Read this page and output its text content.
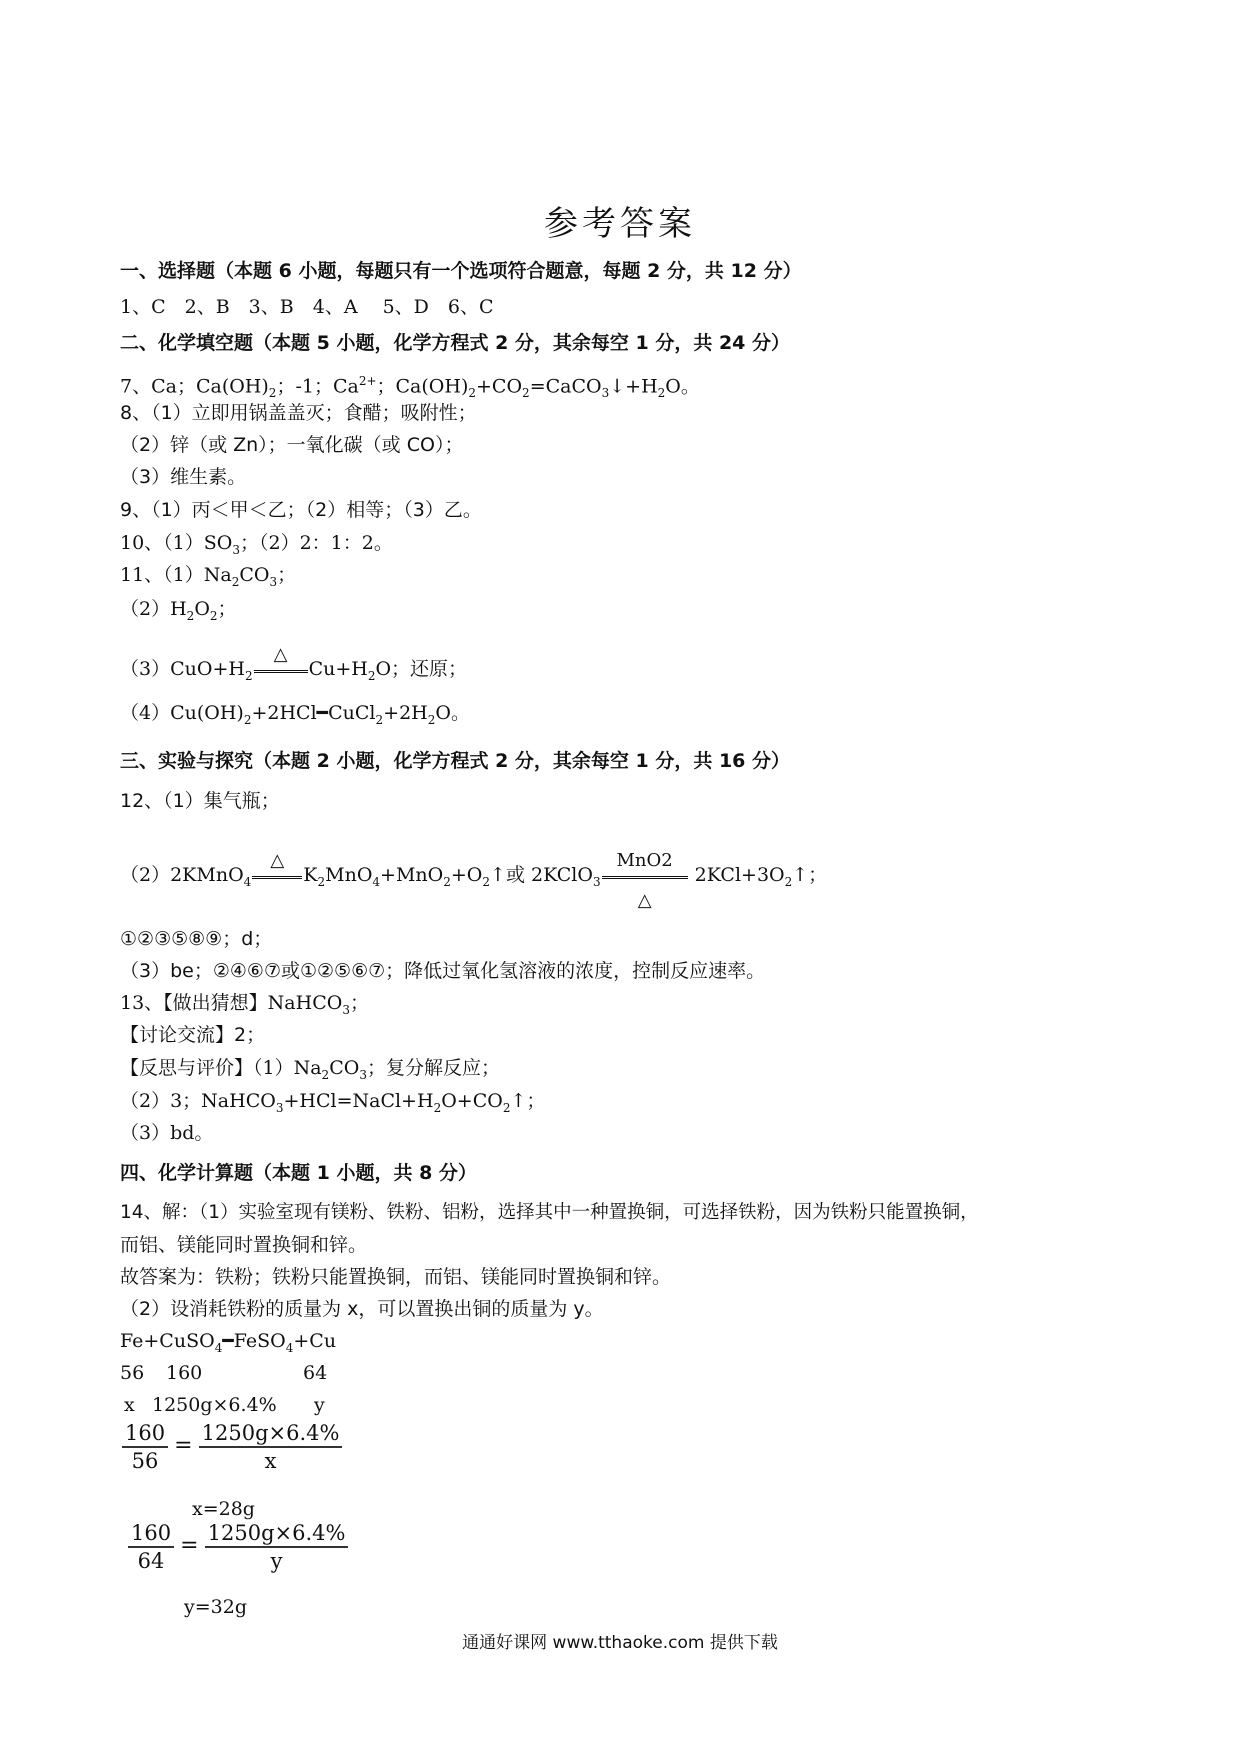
参考答案
一、选择题（本题 6 小题，每题只有一个选项符合题意，每题 2 分，共 12 分）
1、C　2、B　3、B　4、A　 5、D　6、C
二、化学填空题（本题 5 小题，化学方程式 2 分，其余每空 1 分，共 24 分）
7、Ca；$Ca(OH)_2$；-1；$Ca^{2+}$；$Ca(OH)_2+CO_2=CaCO_3↓+H_2O$。
8、（1）立即用锅盖盖灭；食醋；吸附性；
（2）锌（或 Zn）；一氧化碳（或 CO）；
（3）维生素。
9、（1）丙＜甲＜乙；（2）相等；（3）乙。
10、$(1)SO_3$；（2）2：1：2。
11、$(1)Na_2CO_3$；
$(2)H_2O_2$；
$(3)CuO+H_2$
△
$Cu+H_2O$；还原；
$(4)Cu(OH)_2+2HCl━CuCl_2+2H_2O$。
三、实验与探究（本题 2 小题，化学方程式 2 分，其余每空 1 分，共 16 分）
12、（1）集气瓶；
（2）2KMnO$_4$
△
$K_2MnO_4+MnO_2+O_2↑$或 2KClO$_3$
MnO2
△
$2KCl+3O_2↑$；
①②③⑤⑧⑨；d；
（3）be；②④⑥⑦或①②⑤⑥⑦；降低过氧化氢溶液的浓度，控制反应速率。
13、【做出猜想】NaHCO$_3$；
【讨论交流】2；
【反思与评价】$(1)Na_2CO_3$；复分解反应；
（2）3；$NaHCO_3+HCl=NaCl+H_2O+CO_2↑$；
（3）bd。
四、化学计算题（本题 1 小题，共 8 分）
14、解：（1）实验室现有镁粉、铁粉、铝粉，选择其中一种置换铜，可选择铁粉，因为铁粉只能置换铜，
而铝、镁能同时置换铜和锌。
故答案为：铁粉；铁粉只能置换铜，而铝、镁能同时置换铜和锌。
（2）设消耗铁粉的质量为 x，可以置换出铜的质量为 y。
Fe+CuSO$_4$━FeSO$_4$+Cu
56 160	64
x 1250g×6.4% y
$\frac{160}{56} = \frac{1250g\times 6.4\%}{x}$
x=28g
$\frac{160}{64} = \frac{1250g\times 6.4\%}{y}$
y=32g
通通好课网 www.tthaoke.com 提供下载
